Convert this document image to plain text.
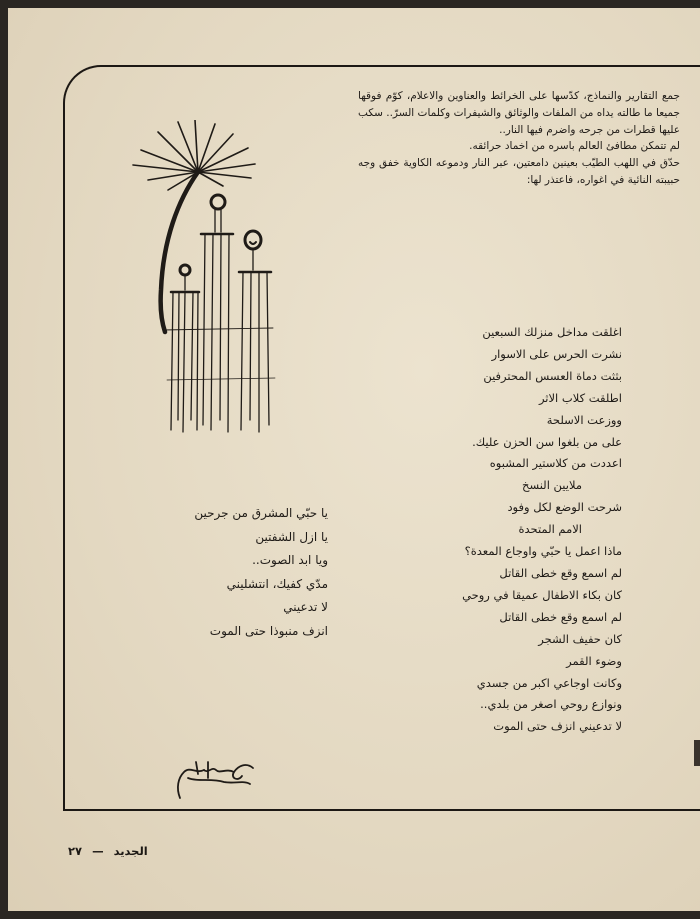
جمع التقارير والنماذج، كدّسها على الخرائط والعناوين والاعلام، كوّم فوقها جميعا ما طالته يداه من الملفات والوثائق والشيفرات وكلمات السرّ.. سكب عليها قطرات من جرحه واضرم فيها النار..

لم تتمكن مطافئ العالم باسره من اخماد حرائقه.

حدّق في اللهب الطيّب بعينين دامعتين، عبر النار ودموعه الكاوية خفق وجه حبيبته النائية في اغواره، فاعتذر لها:

اغلقت مداخل منزلك السبعين
نشرت الحرس على الاسوار
بثثت دماة العسس المحترفين
اطلقت كلاب الاثر
ووزعت الاسلحة
على من بلغوا سن الحزن عليك.
اعددت من كلاستير المشبوه
ملايين النسخ
شرحت الوضع لكل وفود
الامم المتحدة
ماذا اعمل يا حبّي واوجاع المعدة؟
لم اسمع وقع خطى القاتل
كان بكاء الاطفال عميقا في روحي
لم اسمع وقع خطى القاتل
كان حفيف الشجر
وضوء القمر
وكانت اوجاعي اكبر من جسدي
ونوازع روحي اصغر من بلدي..
لا تدعيني انزف حتى الموت
يا حبّي المشرق من جرحين
يا ازل الشفتين
ويا ابد الصوت..
مدّي كفيك، انتشليني
لا تدعيني
انزف منبوذا حتى الموت
الجديد — ٢٧
